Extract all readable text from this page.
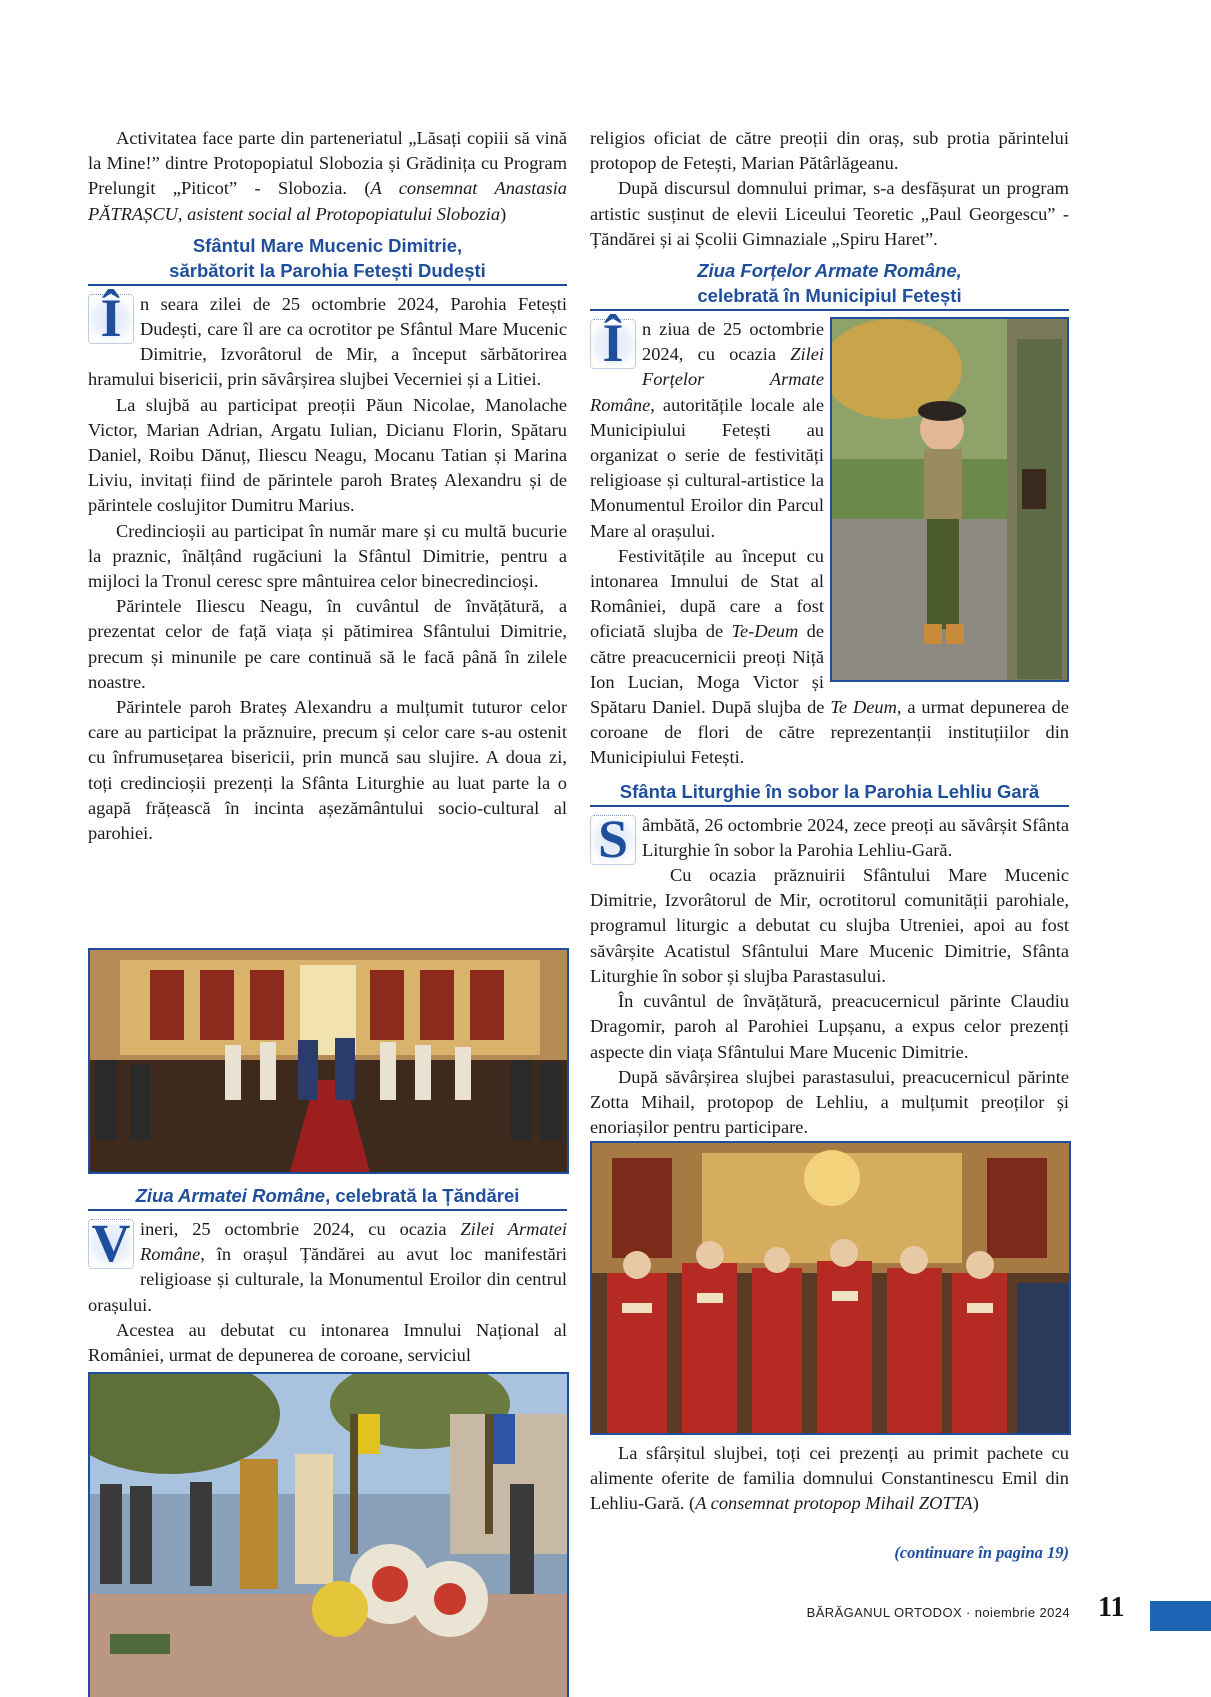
Activitatea face parte din parteneriatul „Lăsați copiii să vină la Mine!” dintre Protopopiatul Slobozia și Grădinița cu Program Prelungit „Piticot” - Slobozia. (A consemnat Anastasia PĂTRAȘCU, asistent social al Protopopiatului Slobozia)

Sfântul Mare Mucenic Dimitrie,
sărbătorit la Parohia Fetești Dudești

Î	n seara zilei de 25 octombrie 2024, Parohia Fetești Dudești, care îl are ca ocrotitor pe Sfântul Mare Mucenic Dimitrie, Izvorâtorul de Mir, a început sărbătorirea hramului bisericii, prin săvârșirea slujbei Vecerniei și a Litiei.

La slujbă au participat preoții Păun Nicolae, Manolache Victor, Marian Adrian, Argatu Iulian, Dicianu Florin, Spătaru Daniel, Roibu Dănuț, Iliescu Neagu, Mocanu Tatian și Marina Liviu, invitați fiind de părintele paroh Brateș Alexandru și de părintele coslujitor Dumitru Marius.

Credincioșii au participat în număr mare și cu multă bucurie la praznic, înălțând rugăciuni la Sfântul Dimitrie, pentru a mijloci la Tronul ceresc spre mântuirea celor binecredincioși.

Părintele Iliescu Neagu, în cuvântul de învățătură, a prezentat celor de față viața și pătimirea Sfântului Dimitrie, precum și minunile pe care continuă să le facă până în zilele noastre.

Părintele paroh Brateș Alexandru a mulțumit tuturor celor care au participat la prăznuire, precum și celor care s-au ostenit cu înfrumusețarea bisericii, prin muncă sau slujire. A doua zi, toți credincioșii prezenți la Sfânta Liturghie au luat parte la o agapă frățească în incinta așezământului socio-cultural al parohiei.

Ziua Armatei Române, celebrată la Țăndărei

V ineri, 25 octombrie 2024, cu ocazia Zilei Armatei Române, în orașul Țăndărei au avut loc manifestări religioase și culturale, la Monumentul Eroilor din centrul orașului.

Acestea au debutat cu intonarea Imnului Național al României, urmat de depunerea de coroane, serviciul

religios oficiat de către preoții din oraș, sub protia părintelui protopop de Fetești, Marian Pătârlăgeanu.

După discursul domnului primar, s-a desfășurat un program artistic susținut de elevii Liceului Teoretic „Paul Georgescu” - Țăndărei și ai Școlii Gimnaziale „Spiru Haret”.

Ziua Forțelor Armate Române,
celebrată în Municipiul Fetești

Î	n ziua de 25 octombrie 2024, cu ocazia Zilei Forțelor Armate Române, autoritățile locale ale Municipiului Fetești au organizat o serie de festivități religioase și cultural-artistice la Monumentul Eroilor din Parcul Mare al orașului.

Festivitățile au început cu intonarea Imnului de Stat al României, după care a fost oficiată slujba de Te-Deum de către preacucernicii preoți Niță Ion Lucian, Moga Victor și Spătaru Daniel. După slujba de Te Deum, a urmat depunerea de coroane de flori de către reprezentanții instituțiilor din Municipiului Fetești.

Sfânta Liturghie în sobor la Parohia Lehliu Gară

S âmbătă, 26 octombrie 2024, zece preoți au săvârșit Sfânta Liturghie în sobor la Parohia Lehliu-Gară.

Cu ocazia prăznuirii Sfântului Mare Mucenic Dimitrie, Izvorâtorul de Mir, ocrotitorul comunității parohiale, programul liturgic a debutat cu slujba Utreniei, apoi au fost săvârșite Acatistul Sfântului Mare Mucenic Dimitrie, Sfânta Liturghie în sobor și slujba Parastasului.

În cuvântul de învățătură, preacucernicul părinte Claudiu Dragomir, paroh al Parohiei Lupșanu, a expus celor prezenți aspecte din viața Sfântului Mare Mucenic Dimitrie.

După săvârșirea slujbei parastasului, preacucernicul părinte Zotta Mihail, protopop de Lehliu, a mulțumit preoților și enoriașilor pentru participare.

La sfârșitul slujbei, toți cei prezenți au primit pachete cu alimente oferite de familia domnului Constantinescu Emil din Lehliu-Gară. (A consemnat protopop Mihail ZOTTA)

(continuare în pagina 19)
BĂRĂGANUL ORTODOX · noiembrie 2024 11
